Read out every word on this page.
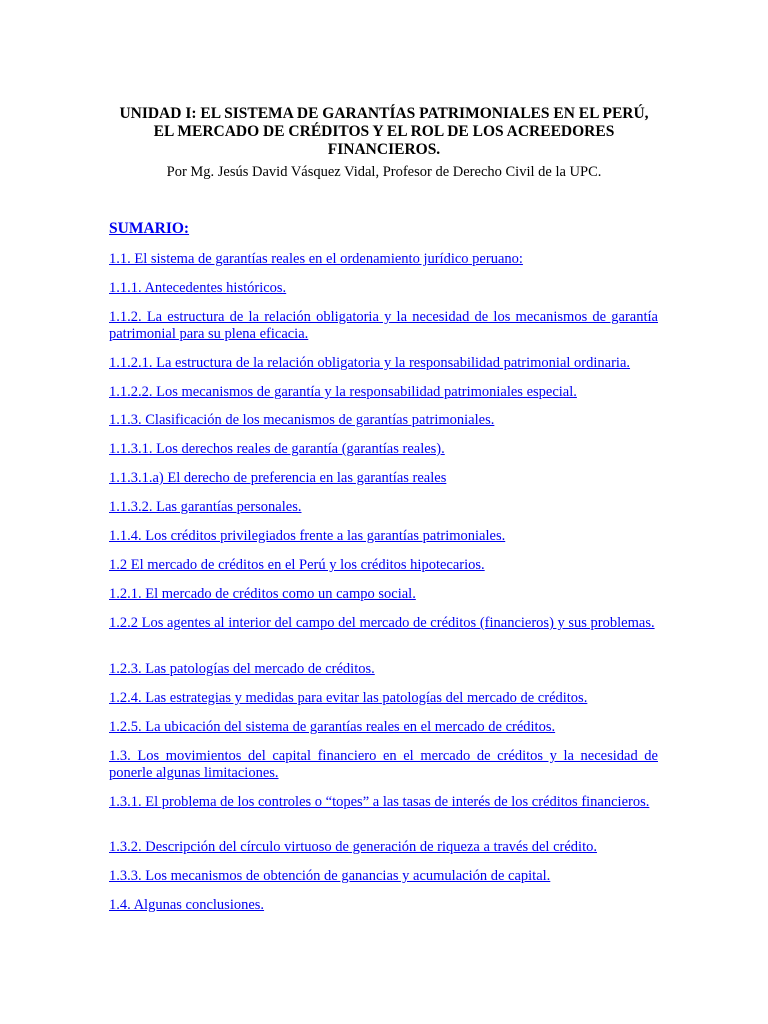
UNIDAD I: EL SISTEMA DE GARANTÍAS PATRIMONIALES EN EL PERÚ,
EL MERCADO DE CRÉDITOS Y EL ROL DE LOS ACREEDORES
FINANCIEROS.

Por Mg. Jesús David Vásquez Vidal, Profesor de Derecho Civil de la UPC.

SUMARIO:
1.1. El sistema de garantías reales en el ordenamiento jurídico peruano:
1.1.1. Antecedentes históricos.
1.1.2. La estructura de la relación obligatoria y la necesidad de los mecanismos de garantía patrimonial para su plena eficacia.
1.1.2.1. La estructura de la relación obligatoria y la responsabilidad patrimonial ordinaria.
1.1.2.2. Los mecanismos de garantía y la responsabilidad patrimoniales especial.
1.1.3. Clasificación de los mecanismos de garantías patrimoniales.
1.1.3.1. Los derechos reales de garantía (garantías reales).
1.1.3.1.a) El derecho de preferencia en las garantías reales
1.1.3.2. Las garantías personales.
1.1.4. Los créditos privilegiados frente a las garantías patrimoniales.
1.2 El mercado de créditos en el Perú y los créditos hipotecarios.
1.2.1. El mercado de créditos como un campo social.
1.2.2 Los agentes al interior del campo del mercado de créditos (financieros) y sus problemas.
1.2.3. Las patologías del mercado de créditos.
1.2.4. Las estrategias y medidas para evitar las patologías del mercado de créditos.
1.2.5. La ubicación del sistema de garantías reales en el mercado de créditos.
1.3. Los movimientos del capital financiero en el mercado de créditos y la necesidad de ponerle algunas limitaciones.
1.3.1. El problema de los controles o “topes” a las tasas de interés de los créditos financieros.
1.3.2. Descripción del círculo virtuoso de generación de riqueza a través del crédito.
1.3.3. Los mecanismos de obtención de ganancias y acumulación de capital.
1.4. Algunas conclusiones.
